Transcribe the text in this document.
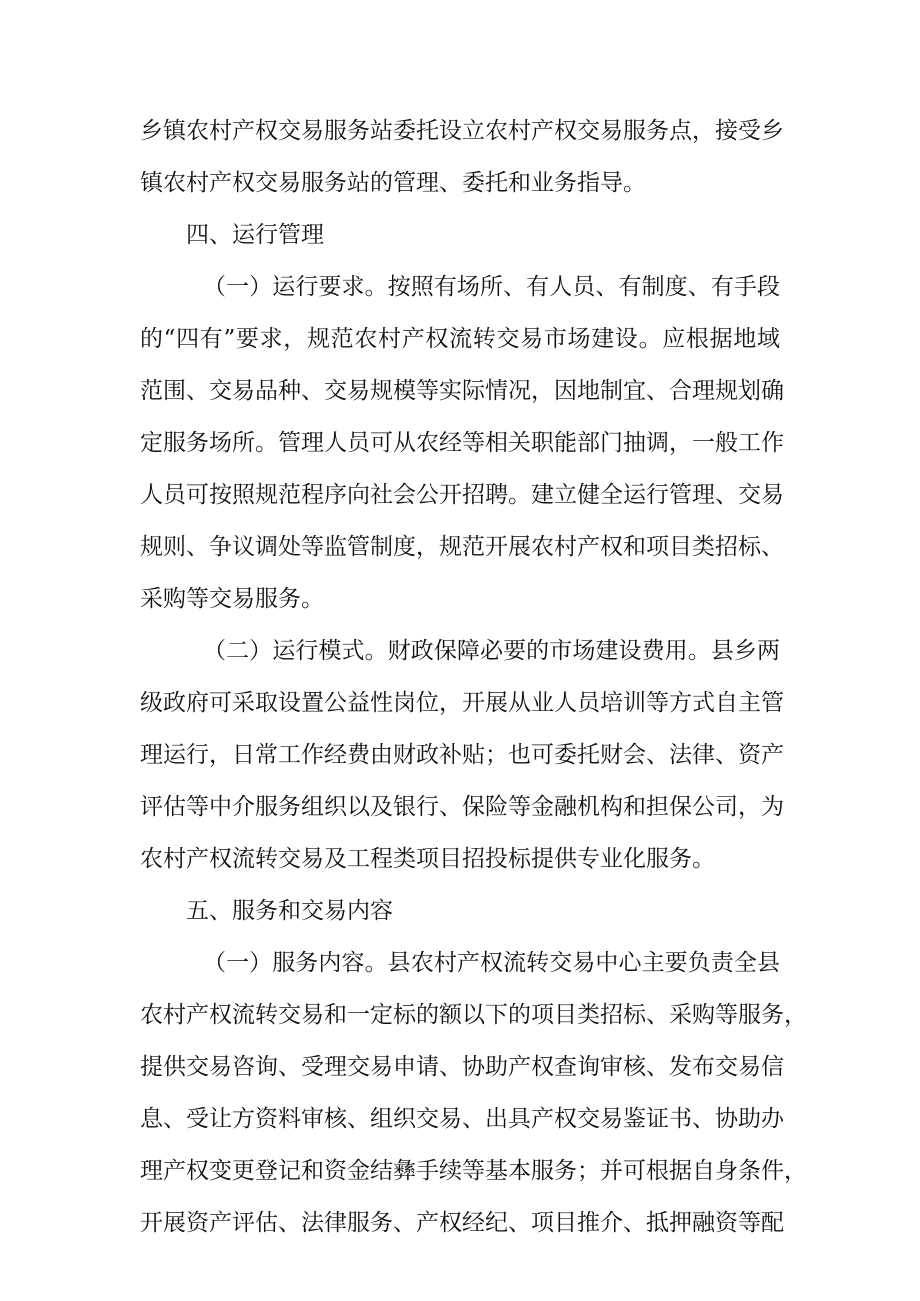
乡镇农村产权交易服务站委托设立农村产权交易服务点，接受乡
镇农村产权交易服务站的管理、委托和业务指导。
四、运行管理
（一）运行要求。按照有场所、有人员、有制度、有手段
的“四有”要求，规范农村产权流转交易市场建设。应根据地域
范围、交易品种、交易规模等实际情况，因地制宜、合理规划确
定服务场所。管理人员可从农经等相关职能部门抽调，一般工作
人员可按照规范程序向社会公开招聘。建立健全运行管理、交易
规则、争议调处等监管制度，规范开展农村产权和项目类招标、
采购等交易服务。
（二）运行模式。财政保障必要的市场建设费用。县乡两
级政府可采取设置公益性岗位，开展从业人员培训等方式自主管
理运行，日常工作经费由财政补贴；也可委托财会、法律、资产
评估等中介服务组织以及银行、保险等金融机构和担保公司，为
农村产权流转交易及工程类项目招投标提供专业化服务。
五、服务和交易内容
（一）服务内容。县农村产权流转交易中心主要负责全县
农村产权流转交易和一定标的额以下的项目类招标、采购等服务，
提供交易咨询、受理交易申请、协助产权查询审核、发布交易信
息、受让方资料审核、组织交易、出具产权交易鉴证书、协助办
理产权变更登记和资金结彝手续等基本服务；并可根据自身条件，
开展资产评估、法律服务、产权经纪、项目推介、抵押融资等配
